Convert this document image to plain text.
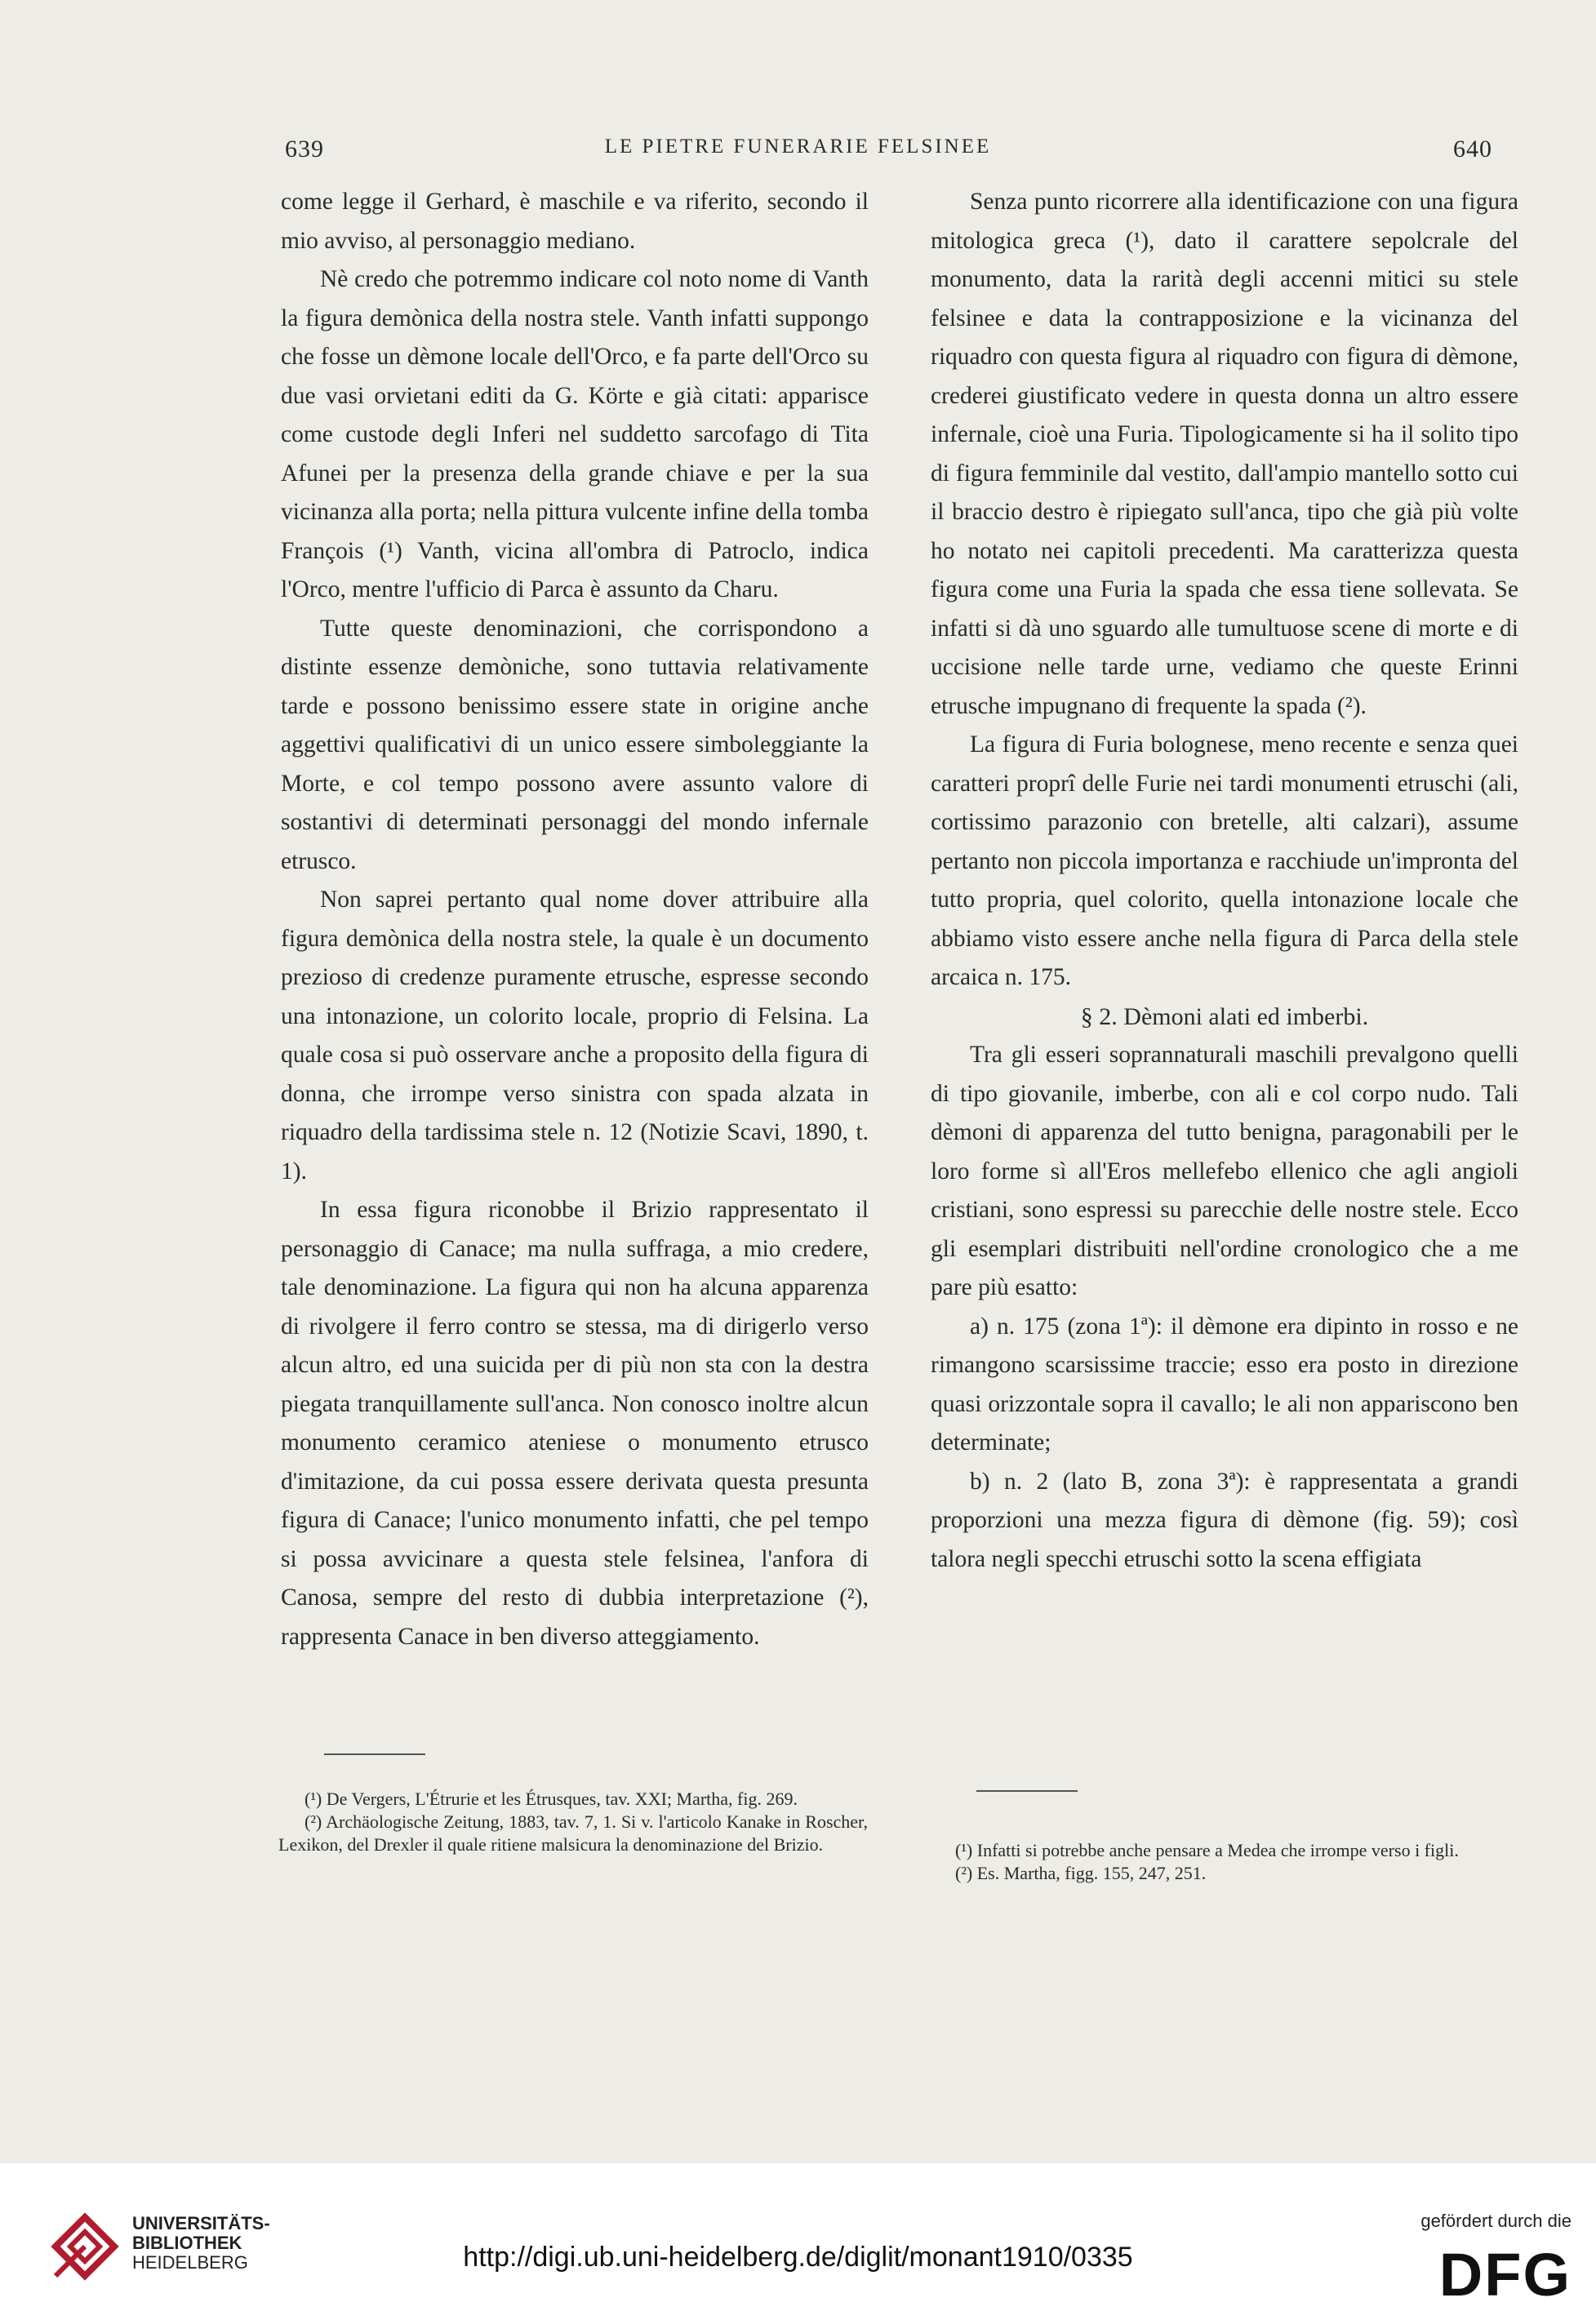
639	LE PIETRE FUNERARIE FELSINEE	640

come legge il Gerhard, è maschile e va riferito, secondo il mio avviso, al personaggio mediano.

Nè credo che potremmo indicare col noto nome di Vanth la figura demònica della nostra stele. Vanth infatti suppongo che fosse un dèmone locale dell'Orco, e fa parte dell'Orco su due vasi orvietani editi da G. Körte e già citati: apparisce come custode degli Inferi nel suddetto sarcofago di Tita Afunei per la presenza della grande chiave e per la sua vicinanza alla porta; nella pittura vulcente infine della tomba François (¹) Vanth, vicina all'ombra di Patroclo, indica l'Orco, mentre l'ufficio di Parca è assunto da Charu.

Tutte queste denominazioni, che corrispondono a distinte essenze demòniche, sono tuttavia relativamente tarde e possono benissimo essere state in origine anche aggettivi qualificativi di un unico essere simboleggiante la Morte, e col tempo possono avere assunto valore di sostantivi di determinati personaggi del mondo infernale etrusco.

Non saprei pertanto qual nome dover attribuire alla figura demònica della nostra stele, la quale è un documento prezioso di credenze puramente etrusche, espresse secondo una intonazione, un colorito locale, proprio di Felsina. La quale cosa si può osservare anche a proposito della figura di donna, che irrompe verso sinistra con spada alzata in riquadro della tardissima stele n. 12 (Notizie Scavi, 1890, t. 1).

In essa figura riconobbe il Brizio rappresentato il personaggio di Canace; ma nulla suffraga, a mio credere, tale denominazione. La figura qui non ha alcuna apparenza di rivolgere il ferro contro se stessa, ma di dirigerlo verso alcun altro, ed una suicida per di più non sta con la destra piegata tranquillamente sull'anca. Non conosco inoltre alcun monumento ceramico ateniese o monumento etrusco d'imitazione, da cui possa essere derivata questa presunta figura di Canace; l'unico monumento infatti, che pel tempo si possa avvicinare a questa stele felsinea, l'anfora di Canosa, sempre del resto di dubbia interpretazione (²), rappresenta Canace in ben diverso atteggiamento.

Senza punto ricorrere alla identificazione con una figura mitologica greca (¹), dato il carattere sepolcrale del monumento, data la rarità degli accenni mitici su stele felsinee e data la contrapposizione e la vicinanza del riquadro con questa figura al riquadro con figura di dèmone, crederei giustificato vedere in questa donna un altro essere infernale, cioè una Furia. Tipologicamente si ha il solito tipo di figura femminile dal vestito, dall'ampio mantello sotto cui il braccio destro è ripiegato sull'anca, tipo che già più volte ho notato nei capitoli precedenti. Ma caratterizza questa figura come una Furia la spada che essa tiene sollevata. Se infatti si dà uno sguardo alle tumultuose scene di morte e di uccisione nelle tarde urne, vediamo che queste Erinni etrusche impugnano di frequente la spada (²).

La figura di Furia bolognese, meno recente e senza quei caratteri proprî delle Furie nei tardi monumenti etruschi (ali, cortissimo parazonio con bretelle, alti calzari), assume pertanto non piccola importanza e racchiude un'impronta del tutto propria, quel colorito, quella intonazione locale che abbiamo visto essere anche nella figura di Parca della stele arcaica n. 175.

§ 2. Dèmoni alati ed imberbi.

Tra gli esseri soprannaturali maschili prevalgono quelli di tipo giovanile, imberbe, con ali e col corpo nudo. Tali dèmoni di apparenza del tutto benigna, paragonabili per le loro forme sì all'Eros mellefebo ellenico che agli angioli cristiani, sono espressi su parecchie delle nostre stele. Ecco gli esemplari distribuiti nell'ordine cronologico che a me pare più esatto:

a) n. 175 (zona 1ª): il dèmone era dipinto in rosso e ne rimangono scarsissime traccie; esso era posto in direzione quasi orizzontale sopra il cavallo; le ali non appariscono ben determinate;

b) n. 2 (lato B, zona 3ª): è rappresentata a grandi proporzioni una mezza figura di dèmone (fig. 59); così talora negli specchi etruschi sotto la scena effigiata

(¹) De Vergers, L'Étrurie et les Étrusques, tav. XXI; Martha, fig. 269.

(²) Archäologische Zeitung, 1883, tav. 7, 1. Si v. l'articolo Kanake in Roscher, Lexikon, del Drexler il quale ritiene malsicura la denominazione del Brizio.	(¹) Infatti si potrebbe anche pensare a Medea che irrompe verso i figli.

(²) Es. Martha, figg. 155, 247, 251.

UNIVERSITÄTS-
BIBLIOTHEK
HEIDELBERG	http://digi.ub.uni-heidelberg.de/diglit/monant1910/0335
gefördert durch die
DFG
